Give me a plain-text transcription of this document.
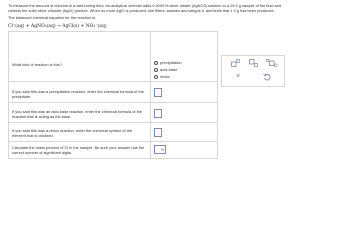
To measure the amount of chlorine in a well-boring fluid, an analytical chemist adds 0.4000 M silver nitrate (AgNO3) solution to a 29.0 g sample of the fluid and

collects the solid silver chloride (AgCl) product. When no more AgCl is produced, she filters, washes and weighs it, and finds that 1.3 g has been produced.

The balanced chemical equation for the reaction is:

Cl⁻(aq) + AgNO₃(aq) → AgCl(s) + NO₃⁻(aq)
What kind of reaction is this?	precipitation
acid-base
redox
If you said this was a precipitation reaction, enter the chemical formula of the precipitate.
If you said this was an acid-base reaction, enter the chemical formula of the reactant that is acting as the base.
If you said this was a redox reaction, enter the chemical symbol of the element that is oxidized.
Calculate the mass percent of Cl in the sample. Be sure your answer has the correct number of significant digits.
%
×
